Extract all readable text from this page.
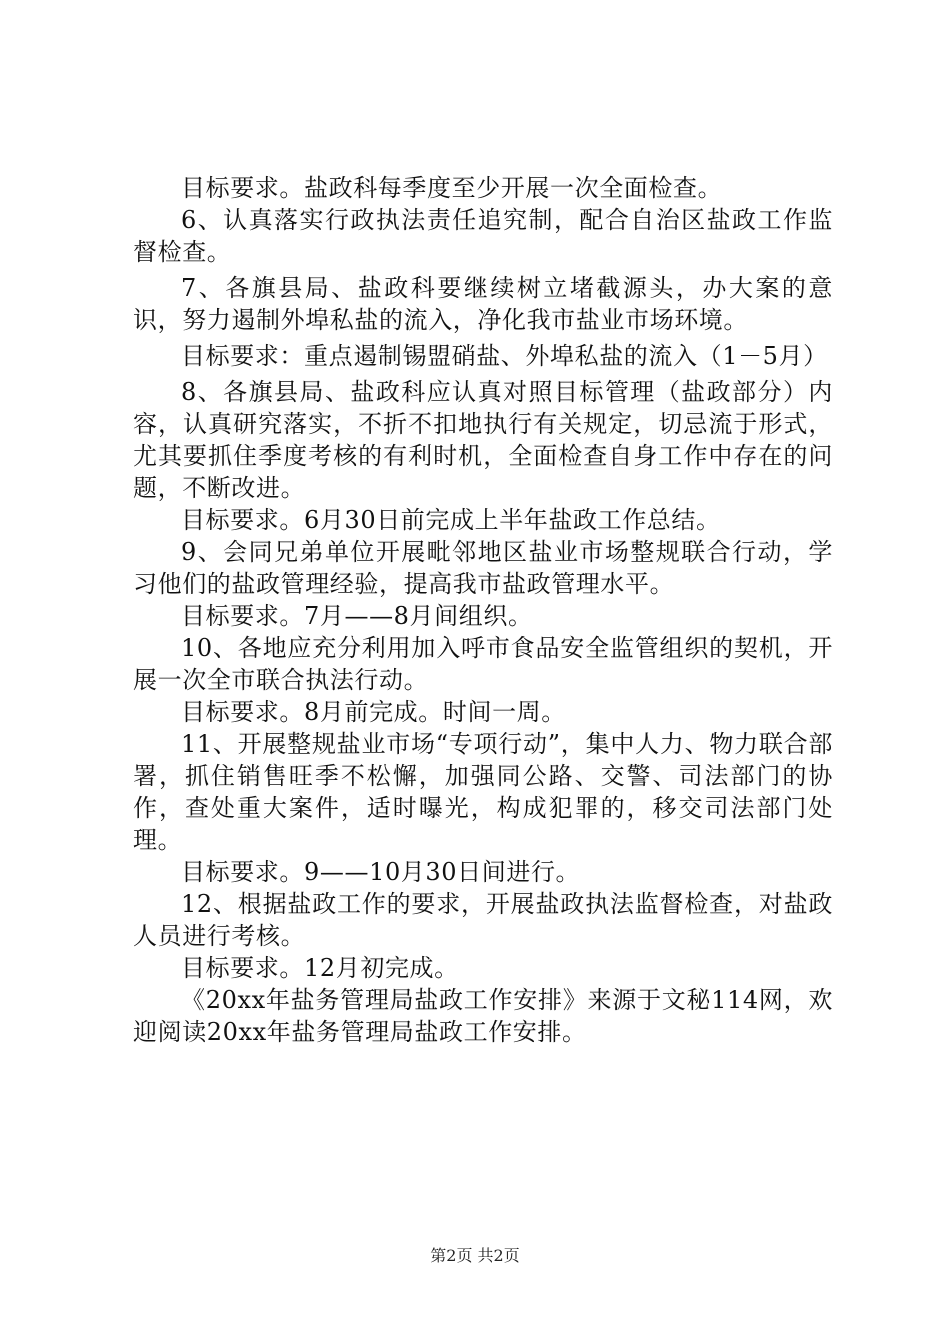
目标要求。盐政科每季度至少开展一次全面检查。

6、认真落实行政执法责任追究制，配合自治区盐政工作监督检查。

7、各旗县局、盐政科要继续树立堵截源头，办大案的意识，努力遏制外埠私盐的流入，净化我市盐业市场环境。

目标要求：重点遏制锡盟硝盐、外埠私盐的流入（1－5月）

8、各旗县局、盐政科应认真对照目标管理（盐政部分）内容，认真研究落实，不折不扣地执行有关规定，切忌流于形式，尤其要抓住季度考核的有利时机，全面检查自身工作中存在的问题，不断改进。

目标要求。6月30日前完成上半年盐政工作总结。

9、会同兄弟单位开展毗邻地区盐业市场整规联合行动，学习他们的盐政管理经验，提高我市盐政管理水平。

目标要求。7月——8月间组织。

10、各地应充分利用加入呼市食品安全监管组织的契机，开展一次全市联合执法行动。

目标要求。8月前完成。时间一周。

11、开展整规盐业市场“专项行动”，集中人力、物力联合部署，抓住销售旺季不松懈，加强同公路、交警、司法部门的协作，查处重大案件，适时曝光，构成犯罪的，移交司法部门处理。

目标要求。9——10月30日间进行。

12、根据盐政工作的要求，开展盐政执法监督检查，对盐政人员进行考核。

目标要求。12月初完成。

《20xx年盐务管理局盐政工作安排》来源于文秘114网，欢迎阅读20xx年盐务管理局盐政工作安排。

第2页 共2页
